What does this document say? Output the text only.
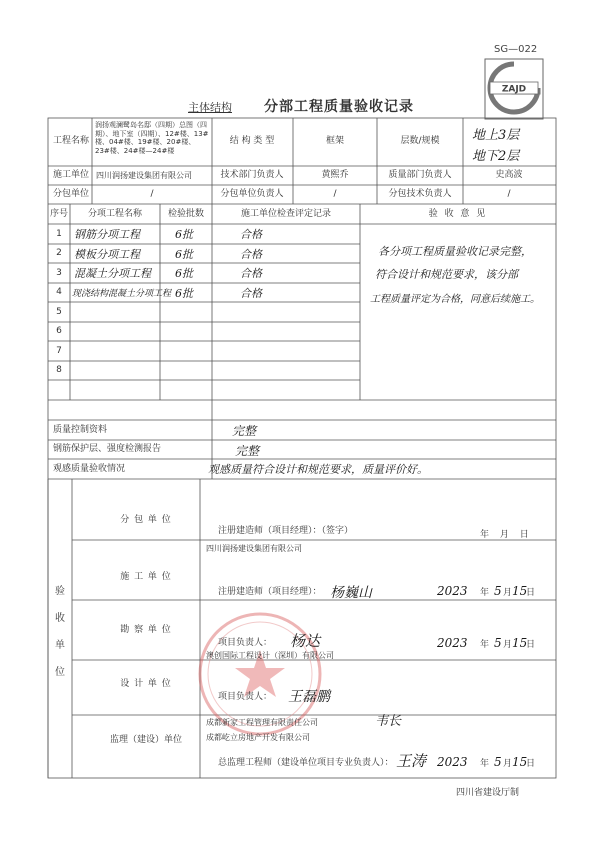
SG—022
ZAJD
主体结构 分部工程质量验收记录
工程名称
润扬观澜鹭岛名邸（四期）总图（四期）、地下室（四期）、12#楼、13#楼、04#楼、19#楼、20#楼、23#楼、24#楼—24#楼
结 构 类 型	框架	层数/规模 地上3层
地下2层
施工单位 四川润扬建设集团有限公司	技术部门负责人	黄熙乔	质量部门负责人	史高波
分包单位	/	分包单位负责人	/	分包技术负责人	/
序号 分项工程名称	检验批数	施工单位检查评定记录	验 收 意 见
1 钢筋分项工程	6批	合格
2 模板分项工程	6批	合格
3 混凝土分项工程 6批	合格
4 现浇结构混凝土分项工程 6批	合格
5
6
7
8
各分项工程质量验收记录完整，
符合设计和规范要求，该分部
工程质量评定为合格，同意后续施工。
质量控制资料	完整
钢筋保护层、强度检测报告	完整
观感质量验收情况	观感质量符合设计和规范要求，质量评价好。
验
收
单
位
分 包 单 位
注册建造师（项目经理）：（签字）	年 月 日
四川润扬建设集团有限公司
施 工 单 位
注册建造师（项目经理）： 杨巍山	2023 年 5 月 15
日
勘 察 单 位
项目负责人： 杨达
澳创国际工程设计（深圳）有限公司
2023 年 5 月 15
日
设 计 单 位
项目负责人： 王磊鹏
成都新家工程管理有限责任公司	韦长
监理（建设）单位	成都屹立房地产开发有限公司
总监理工程师（建设单位项目专业负责人）： 王涛 2023 年 5 月 15
日
四川省建设厅制
